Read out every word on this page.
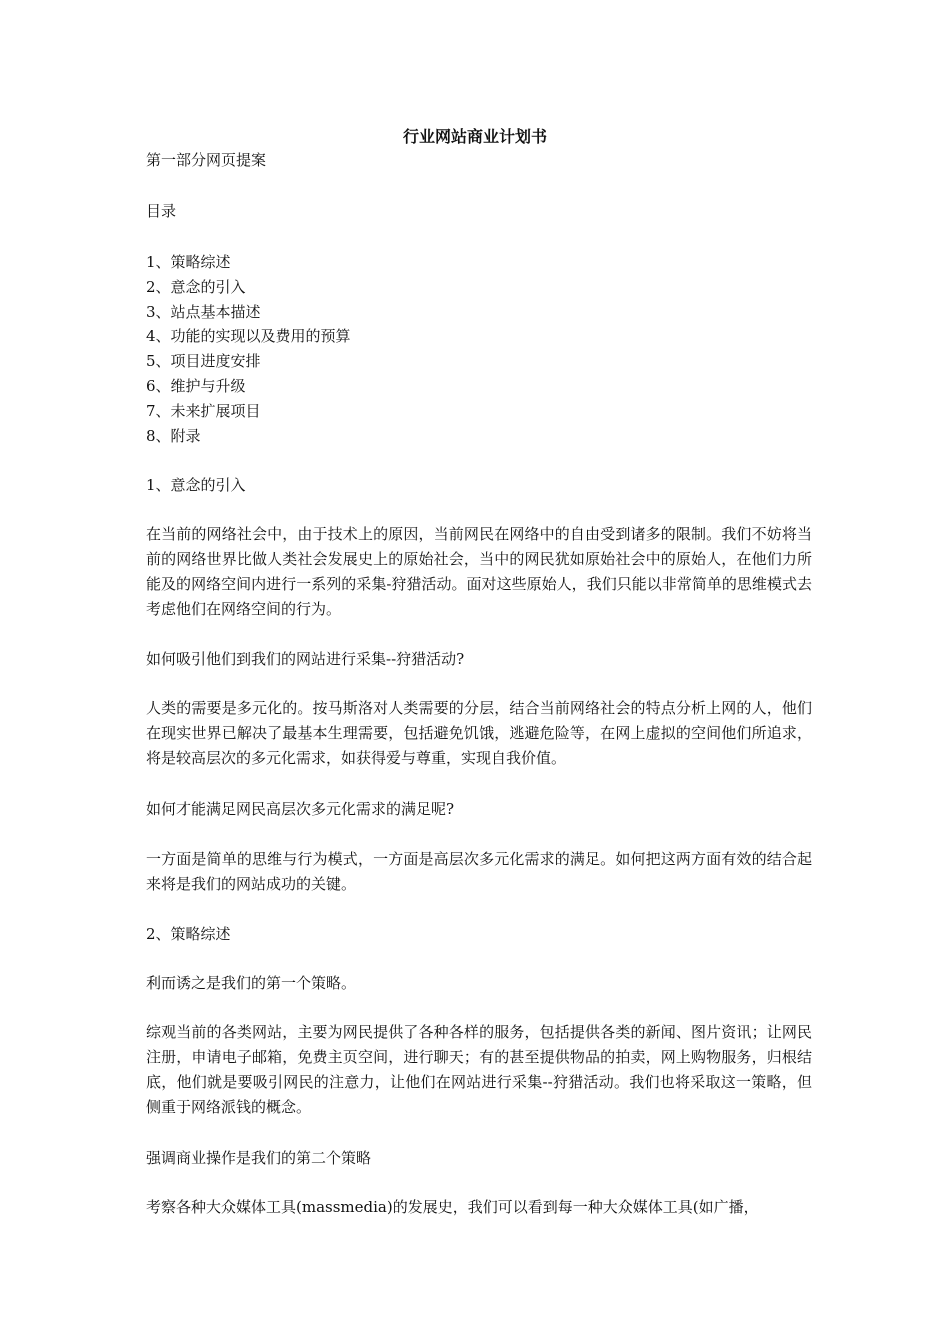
行业网站商业计划书

第一部分网页提案

目录

1、策略综述
2、意念的引入
3、站点基本描述
4、功能的实现以及费用的预算
5、项目进度安排
6、维护与升级
7、未来扩展项目
8、附录

1、意念的引入

在当前的网络社会中，由于技术上的原因，当前网民在网络中的自由受到诸多的限制。我们不妨将当前的网络世界比做人类社会发展史上的原始社会，当中的网民犹如原始社会中的原始人，在他们力所能及的网络空间内进行一系列的采集-狩猎活动。面对这些原始人，我们只能以非常简单的思维模式去考虑他们在网络空间的行为。

如何吸引他们到我们的网站进行采集--狩猎活动?

人类的需要是多元化的。按马斯洛对人类需要的分层，结合当前网络社会的特点分析上网的人，他们在现实世界已解决了最基本生理需要，包括避免饥饿，逃避危险等，在网上虚拟的空间他们所追求，将是较高层次的多元化需求，如获得爱与尊重，实现自我价值。

如何才能满足网民高层次多元化需求的满足呢?

一方面是简单的思维与行为模式，一方面是高层次多元化需求的满足。如何把这两方面有效的结合起来将是我们的网站成功的关键。

2、策略综述

利而诱之是我们的第一个策略。

综观当前的各类网站，主要为网民提供了各种各样的服务，包括提供各类的新闻、图片资讯；让网民注册，申请电子邮箱，免费主页空间，进行聊天；有的甚至提供物品的拍卖，网上购物服务，归根结底，他们就是要吸引网民的注意力，让他们在网站进行采集--狩猎活动。我们也将采取这一策略，但侧重于网络派钱的概念。

强调商业操作是我们的第二个策略

考察各种大众媒体工具(massmedia)的发展史，我们可以看到每一种大众媒体工具(如广播，
